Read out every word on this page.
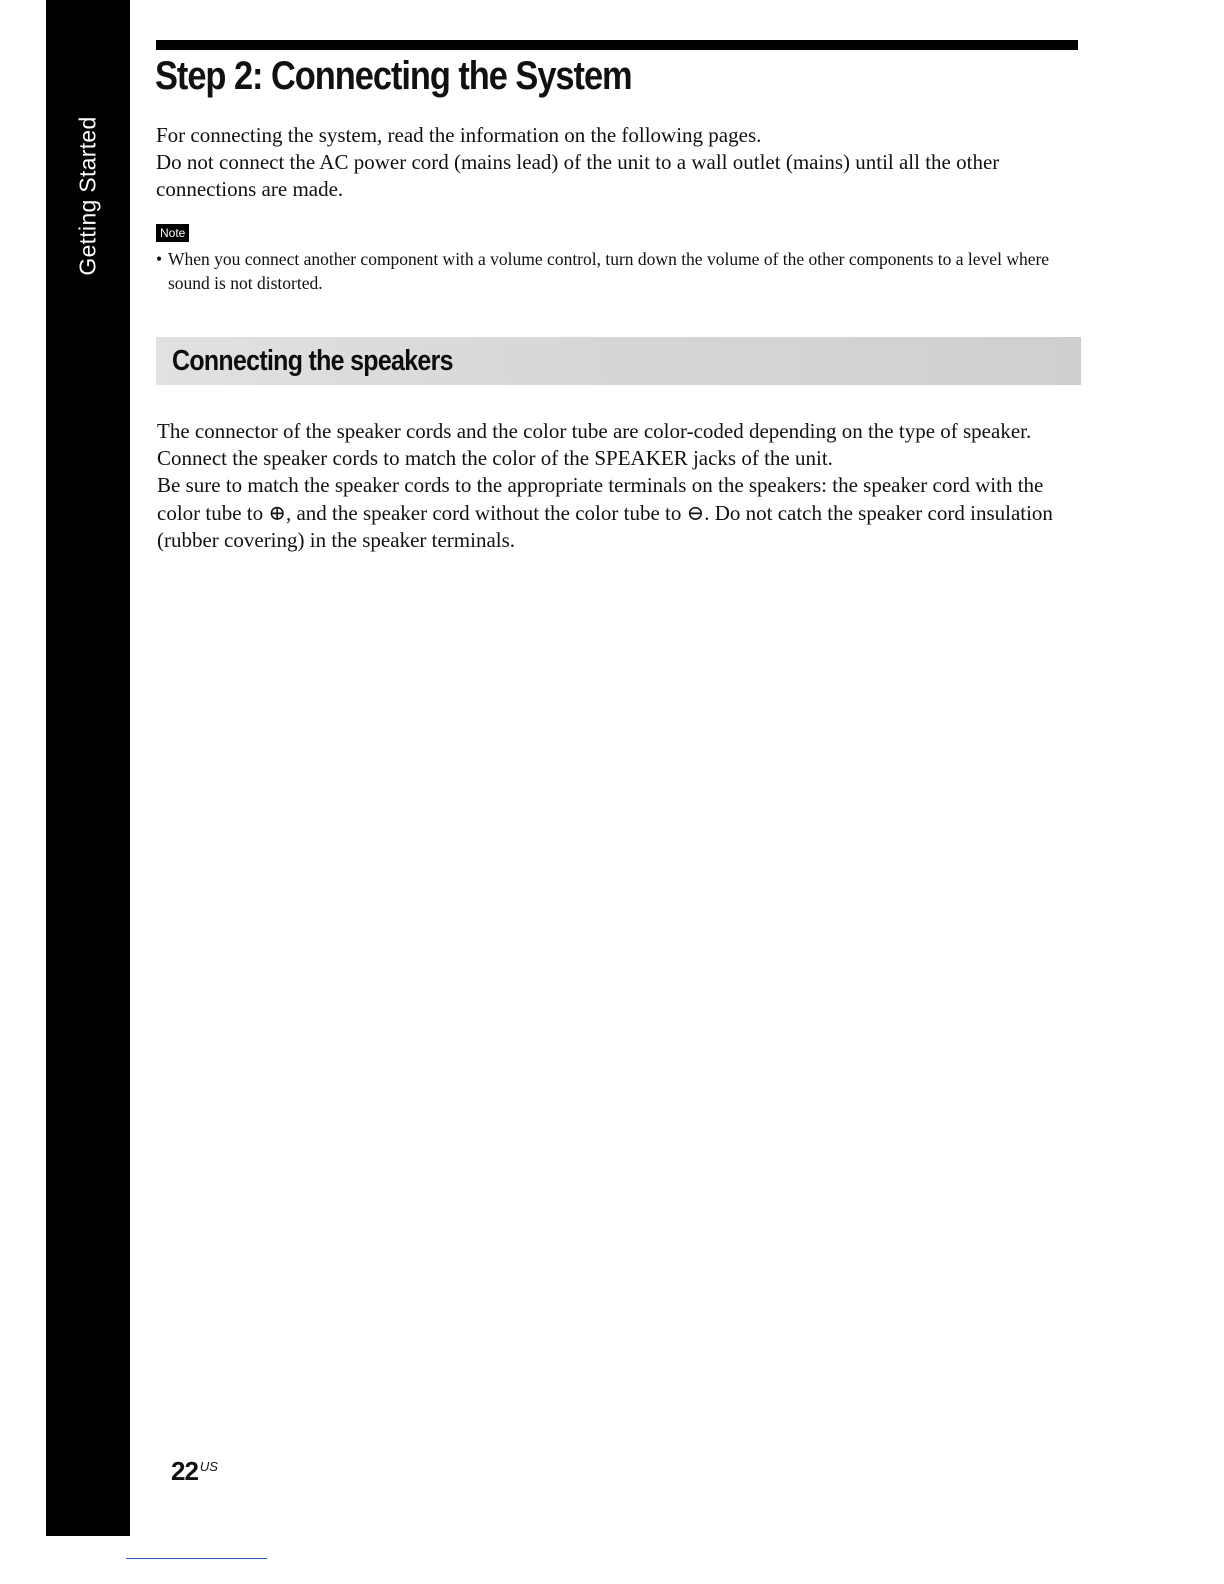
Getting Started
Step 2: Connecting the System

For connecting the system, read the information on the following pages.

Do not connect the AC power cord (mains lead) of the unit to a wall outlet (mains) until all the other connections are made.

Note
• When you connect another component with a volume control, turn down the volume of the other components to a level where sound is not distorted.
Connecting the speakers

The connector of the speaker cords and the color tube are color-coded depending on the type of speaker.

Connect the speaker cords to match the color of the SPEAKER jacks of the unit.

Be sure to match the speaker cords to the appropriate terminals on the speakers: the speaker cord with the color tube to ⊕, and the speaker cord without the color tube to ⊖. Do not catch the speaker cord insulation (rubber covering) in the speaker terminals.

22 $^{US}$
